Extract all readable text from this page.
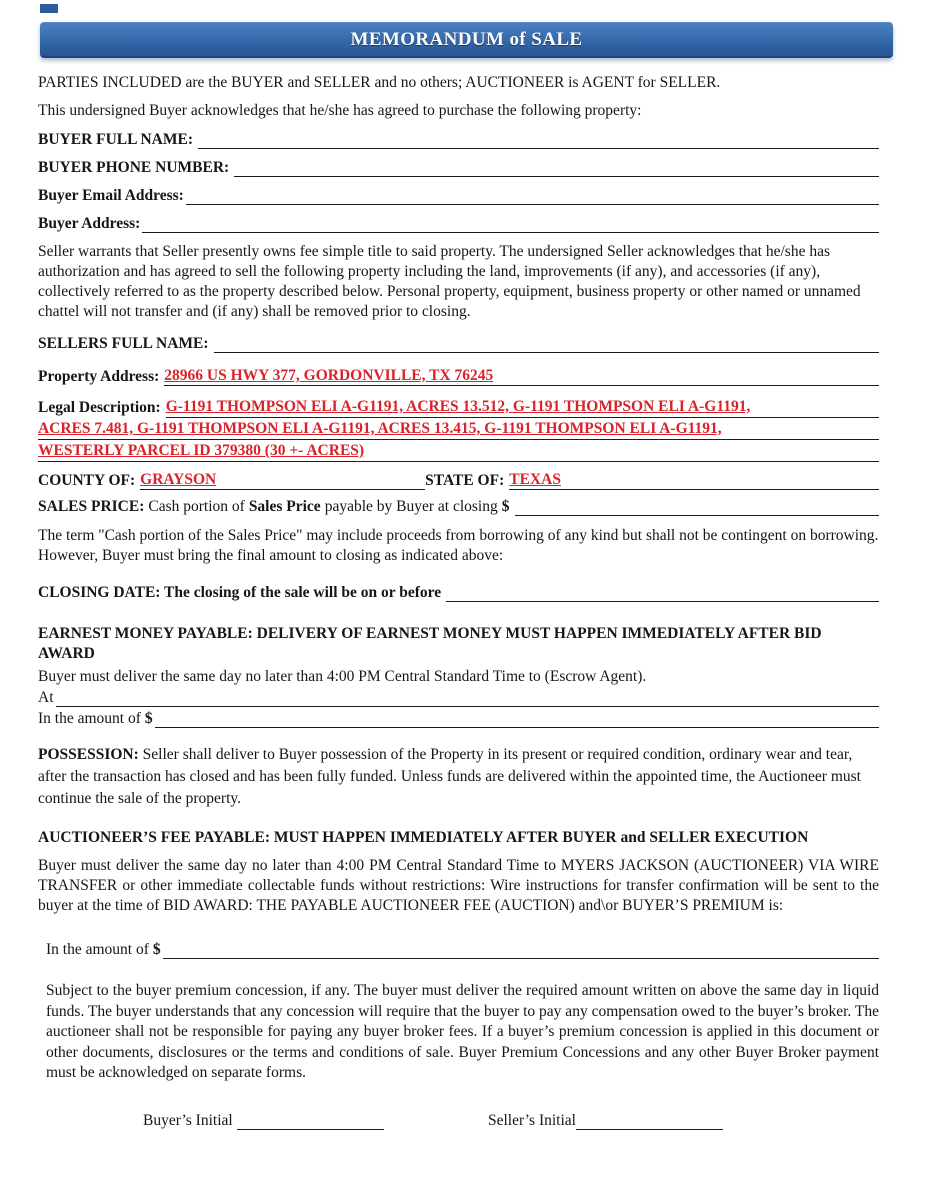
MEMORANDUM of SALE

PARTIES INCLUDED are the BUYER and SELLER and no others; AUCTIONEER is AGENT for SELLER.

This undersigned Buyer acknowledges that he/she has agreed to purchase the following property:

BUYER FULL NAME:
BUYER PHONE NUMBER:
Buyer Email Address:
Buyer Address:

Seller warrants that Seller presently owns fee simple title to said property. The undersigned Seller acknowledges that he/she has authorization and has agreed to sell the following property including the land, improvements (if any), and accessories (if any), collectively referred to as the property described below. Personal property, equipment, business property or other named or unnamed chattel will not transfer and (if any) shall be removed prior to closing.

SELLERS FULL NAME:
Property Address: 28966 US HWY 377, GORDONVILLE, TX 76245
Legal Description: G-1191 THOMPSON ELI A-G1191, ACRES 13.512, G-1191 THOMPSON ELI A-G1191,
ACRES 7.481, G-1191 THOMPSON ELI A-G1191, ACRES 13.415, G-1191 THOMPSON ELI A-G1191,
WESTERLY PARCEL ID 379380 (30 +- ACRES)
COUNTY OF: GRAYSON	STATE OF: TEXAS
SALES PRICE: Cash portion of Sales Price payable by Buyer at closing $

The term "Cash portion of the Sales Price" may include proceeds from borrowing of any kind but shall not be contingent on borrowing. However, Buyer must bring the final amount to closing as indicated above:

CLOSING DATE: The closing of the sale will be on or before

EARNEST MONEY PAYABLE: DELIVERY OF EARNEST MONEY MUST HAPPEN IMMEDIATELY AFTER BID AWARD

Buyer must deliver the same day no later than 4:00 PM Central Standard Time to (Escrow Agent).

At
In the amount of $

POSSESSION: Seller shall deliver to Buyer possession of the Property in its present or required condition, ordinary wear and tear, after the transaction has closed and has been fully funded. Unless funds are delivered within the appointed time, the Auctioneer must continue the sale of the property.

AUCTIONEER’S FEE PAYABLE: MUST HAPPEN IMMEDIATELY AFTER BUYER and SELLER EXECUTION

Buyer must deliver the same day no later than 4:00 PM Central Standard Time to MYERS JACKSON (AUCTIONEER) VIA WIRE TRANSFER or other immediate collectable funds without restrictions: Wire instructions for transfer confirmation will be sent to the buyer at the time of BID AWARD: THE PAYABLE AUCTIONEER FEE (AUCTION) and\or BUYER’S PREMIUM is:

In the amount of $

Subject to the buyer premium concession, if any. The buyer must deliver the required amount written on above the same day in liquid funds. The buyer understands that any concession will require that the buyer to pay any compensation owed to the buyer’s broker. The auctioneer shall not be responsible for paying any buyer broker fees. If a buyer’s premium concession is applied in this document or other documents, disclosures or the terms and conditions of sale. Buyer Premium Concessions and any other Buyer Broker payment must be acknowledged on separate forms.

Buyer’s Initial	Seller’s Initial
